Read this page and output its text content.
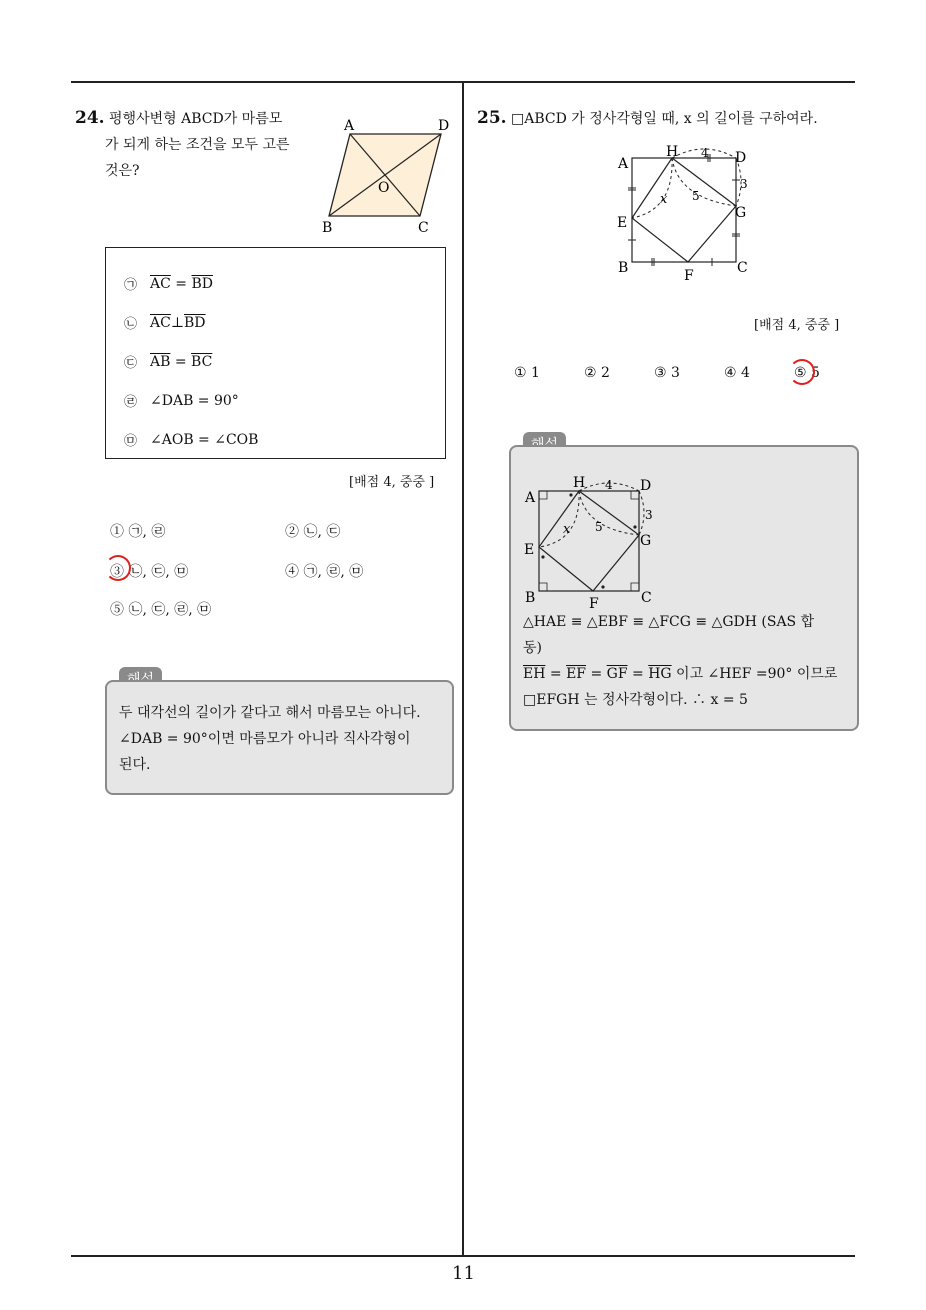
24. 평행사변형 ABCD가 마름모
가 되게 하는 조건을 모두 고른
것은?
A	D
O
B	C
㉠ $\overline{AC} = \overline{BD}$
㉡ $\overline{AC}\perp\overline{BD}$
㉢ $\overline{AB} = \overline{BC}$
㉣ ∠DAB = 90°
㉤ ∠AOB = ∠COB
[배점 4, 중중 ]
① ㉠, ㉣	② ㉡, ㉢
③ ㉡, ㉢, ㉤	④ ㉠, ㉣, ㉤
⑤ ㉡, ㉢, ㉣, ㉤
두 대각선의 길이가 같다고 해서 마름모는 아니다.
∠DAB = 90°이면 마름모가 아니라 직사각형이
된다.
25. □ABCD 가 정사각형일 때, x 의 길이를 구하여라.
A
H 4 D
3
5
x
G
E
B	F	C
[배점 4, 중중 ]
① 1	② 2	③ 3	④ 4	⑤ 5
A
H 4 D
3
5
x
G
E
B	F	C
△HAE ≡ △EBF ≡ △FCG ≡ △GDH (SAS 합
동)
$\overline{EH} = \overline{EF} = \overline{GF} = \overline{HG}$ 이고 ∠HEF =90° 이므로
□EFGH 는 정사각형이다. ∴ x = 5
11
